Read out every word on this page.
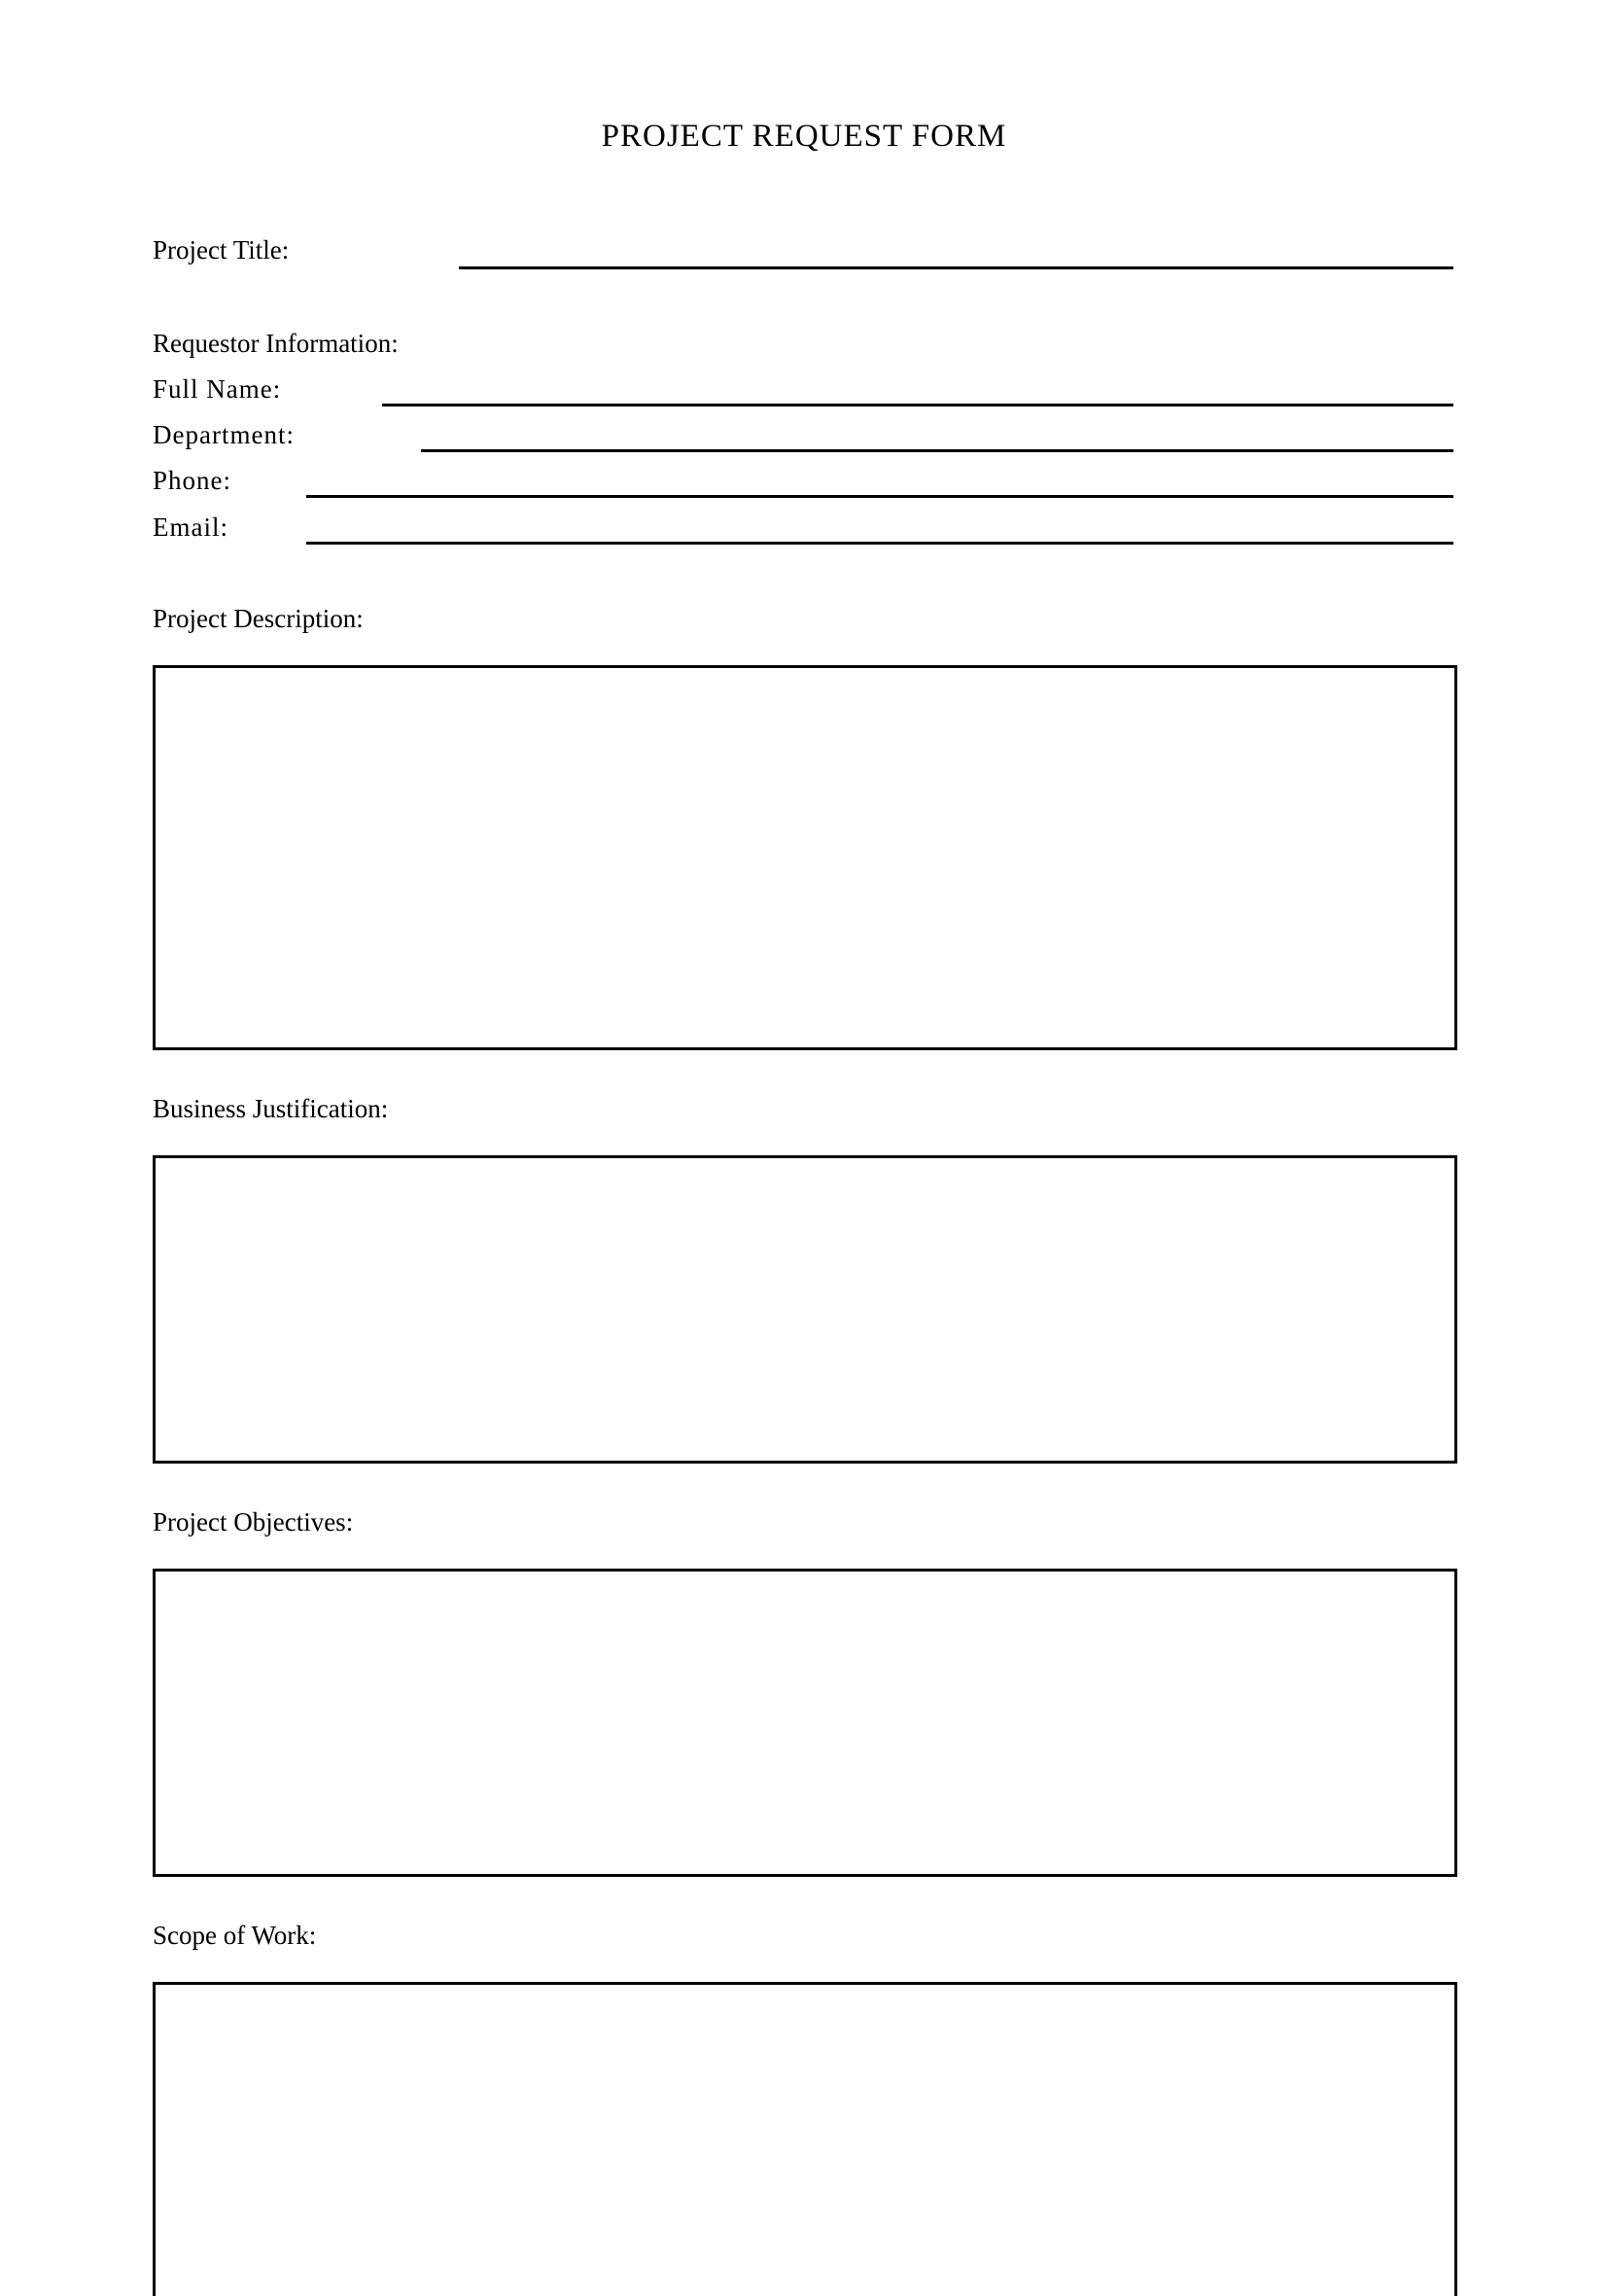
PROJECT REQUEST FORM
Project Title:
Requestor Information:
Full Name:
Department:
Phone:
Email:
Project Description:
Business Justification:
Project Objectives:
Scope of Work:
